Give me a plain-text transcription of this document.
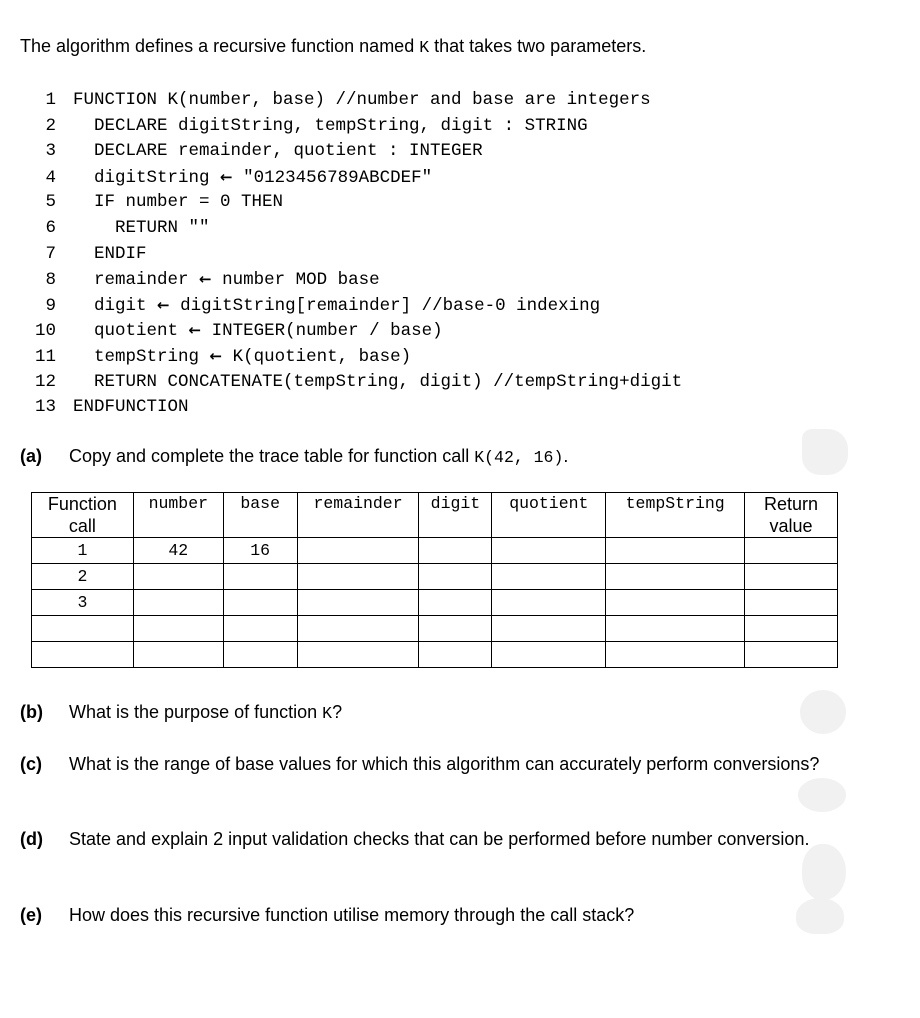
The algorithm defines a recursive function named K that takes two parameters.
1 FUNCTION K(number, base) //number and base are integers
2  DECLARE digitString, tempString, digit : STRING
3  DECLARE remainder, quotient : INTEGER
4  digitString ← "0123456789ABCDEF"
5  IF number = 0 THEN
6    RETURN ""
7  ENDIF
8  remainder ← number MOD base
9  digit ← digitString[remainder] //base-0 indexing
10  quotient ← INTEGER(number / base)
11  tempString ← K(quotient, base)
12  RETURN CONCATENATE(tempString, digit) //tempString+digit
13 ENDFUNCTION
(a) Copy and complete the trace table for function call K(42, 16).
Function call	number	base	remainder	digit	quotient	tempString	Return value
1	42	16					
2							
3							

(b) What is the purpose of function K?
(c) What is the range of base values for which this algorithm can accurately perform conversions?
(d) State and explain 2 input validation checks that can be performed before number conversion.
(e) How does this recursive function utilise memory through the call stack?
